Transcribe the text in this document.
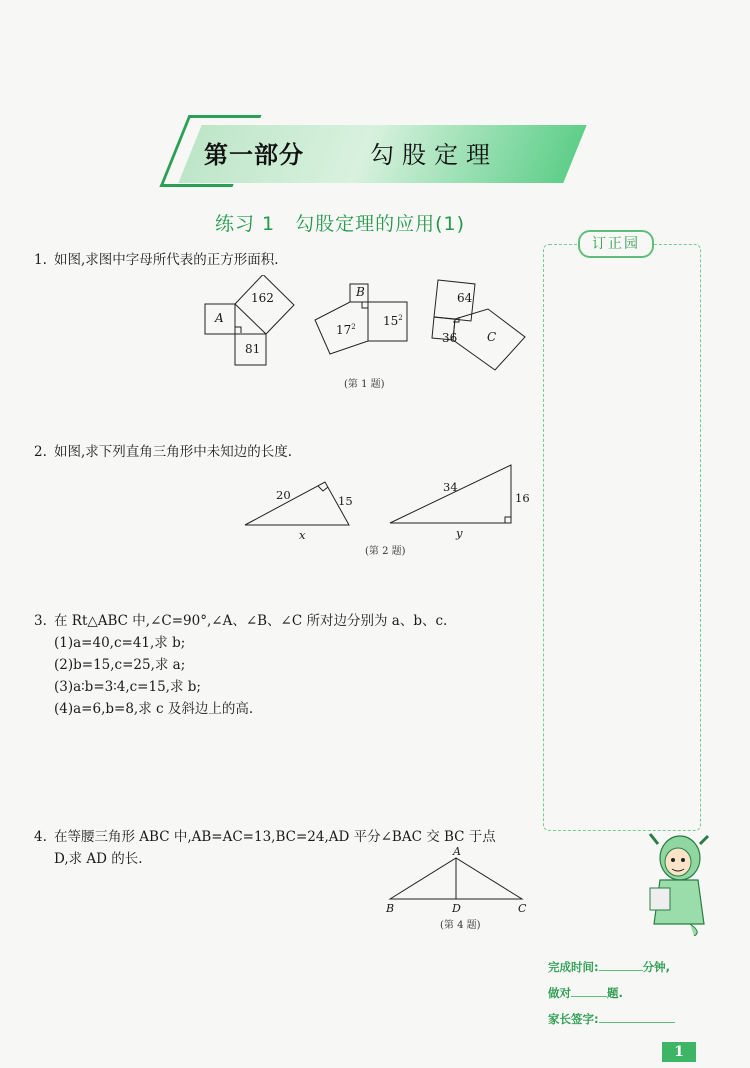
第一部分	勾股定理
练习 1　勾股定理的应用(1)
订正园
1. 如图,求图中字母所代表的正方形面积.
162
A
81
B
$17^2$ $15^2$
64
36 C
(第 1 题)
2. 如图,求下列直角三角形中未知边的长度.
20	15
x
34
16
y
(第 2 题)
3. 在 Rt△ABC 中,∠C=90°,∠A、∠B、∠C 所对边分别为 a、b、c.
(1)a=40,c=41,求 b;
(2)b=15,c=25,求 a;
(3)a∶b=3∶4,c=15,求 b;
(4)a=6,b=8,求 c 及斜边上的高.
4. 在等腰三角形 ABC 中,AB=AC=13,BC=24,AD 平分∠BAC 交 BC 于点
D,求 AD 的长.	A
B	D	C
(第 4 题)
完成时间:	分钟,
做对	题.
家长签字:
1
